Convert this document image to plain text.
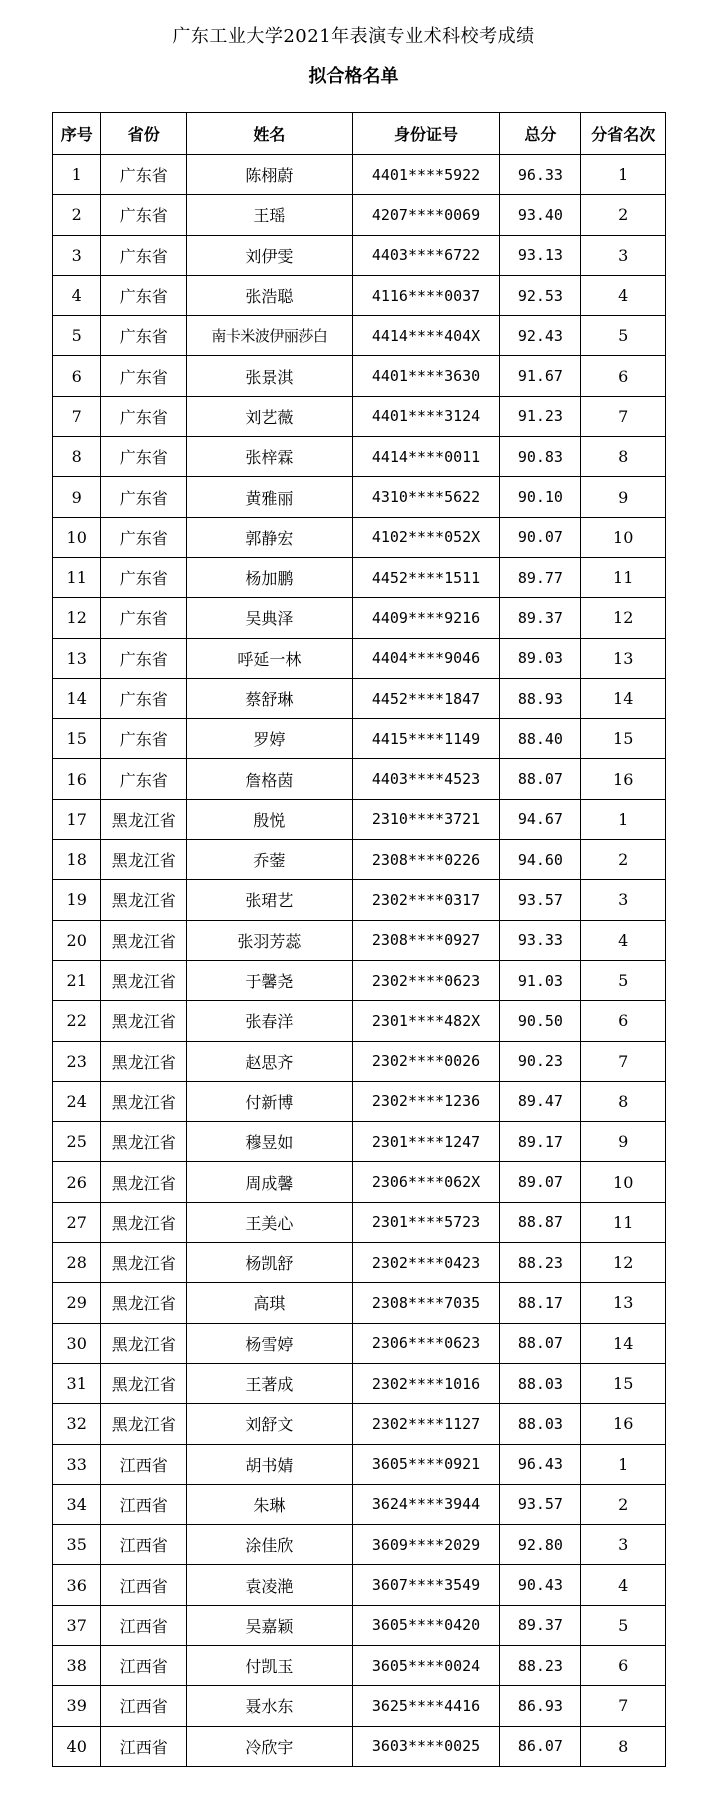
广东工业大学2021年表演专业术科校考成绩
拟合格名单
序号	省份	姓名	身份证号	总分	分省名次
1	广东省	陈栩蔚	4401****5922	96.33	1
2	广东省	王瑶	4207****0069	93.40	2
3	广东省	刘伊雯	4403****6722	93.13	3
4	广东省	张浩聪	4116****0037	92.53	4
5	广东省	南卡米波伊丽莎白	4414****404X	92.43	5
6	广东省	张景淇	4401****3630	91.67	6
7	广东省	刘艺薇	4401****3124	91.23	7
8	广东省	张梓霖	4414****0011	90.83	8
9	广东省	黄雅丽	4310****5622	90.10	9
10	广东省	郭静宏	4102****052X	90.07	10
11	广东省	杨加鹏	4452****1511	89.77	11
12	广东省	吴典泽	4409****9216	89.37	12
13	广东省	呼延一林	4404****9046	89.03	13
14	广东省	蔡舒琳	4452****1847	88.93	14
15	广东省	罗婷	4415****1149	88.40	15
16	广东省	詹格茵	4403****4523	88.07	16
17	黑龙江省	殷悦	2310****3721	94.67	1
18	黑龙江省	乔蓥	2308****0226	94.60	2
19	黑龙江省	张珺艺	2302****0317	93.57	3
20	黑龙江省	张羽芳蕊	2308****0927	93.33	4
21	黑龙江省	于馨尧	2302****0623	91.03	5
22	黑龙江省	张春洋	2301****482X	90.50	6
23	黑龙江省	赵思齐	2302****0026	90.23	7
24	黑龙江省	付新博	2302****1236	89.47	8
25	黑龙江省	穆昱如	2301****1247	89.17	9
26	黑龙江省	周成馨	2306****062X	89.07	10
27	黑龙江省	王美心	2301****5723	88.87	11
28	黑龙江省	杨凯舒	2302****0423	88.23	12
29	黑龙江省	高琪	2308****7035	88.17	13
30	黑龙江省	杨雪婷	2306****0623	88.07	14
31	黑龙江省	王著成	2302****1016	88.03	15
32	黑龙江省	刘舒文	2302****1127	88.03	16
33	江西省	胡书婧	3605****0921	96.43	1
34	江西省	朱琳	3624****3944	93.57	2
35	江西省	涂佳欣	3609****2029	92.80	3
36	江西省	袁凌滟	3607****3549	90.43	4
37	江西省	吴嘉颖	3605****0420	89.37	5
38	江西省	付凯玉	3605****0024	88.23	6
39	江西省	聂水东	3625****4416	86.93	7
40	江西省	冷欣宇	3603****0025	86.07	8
